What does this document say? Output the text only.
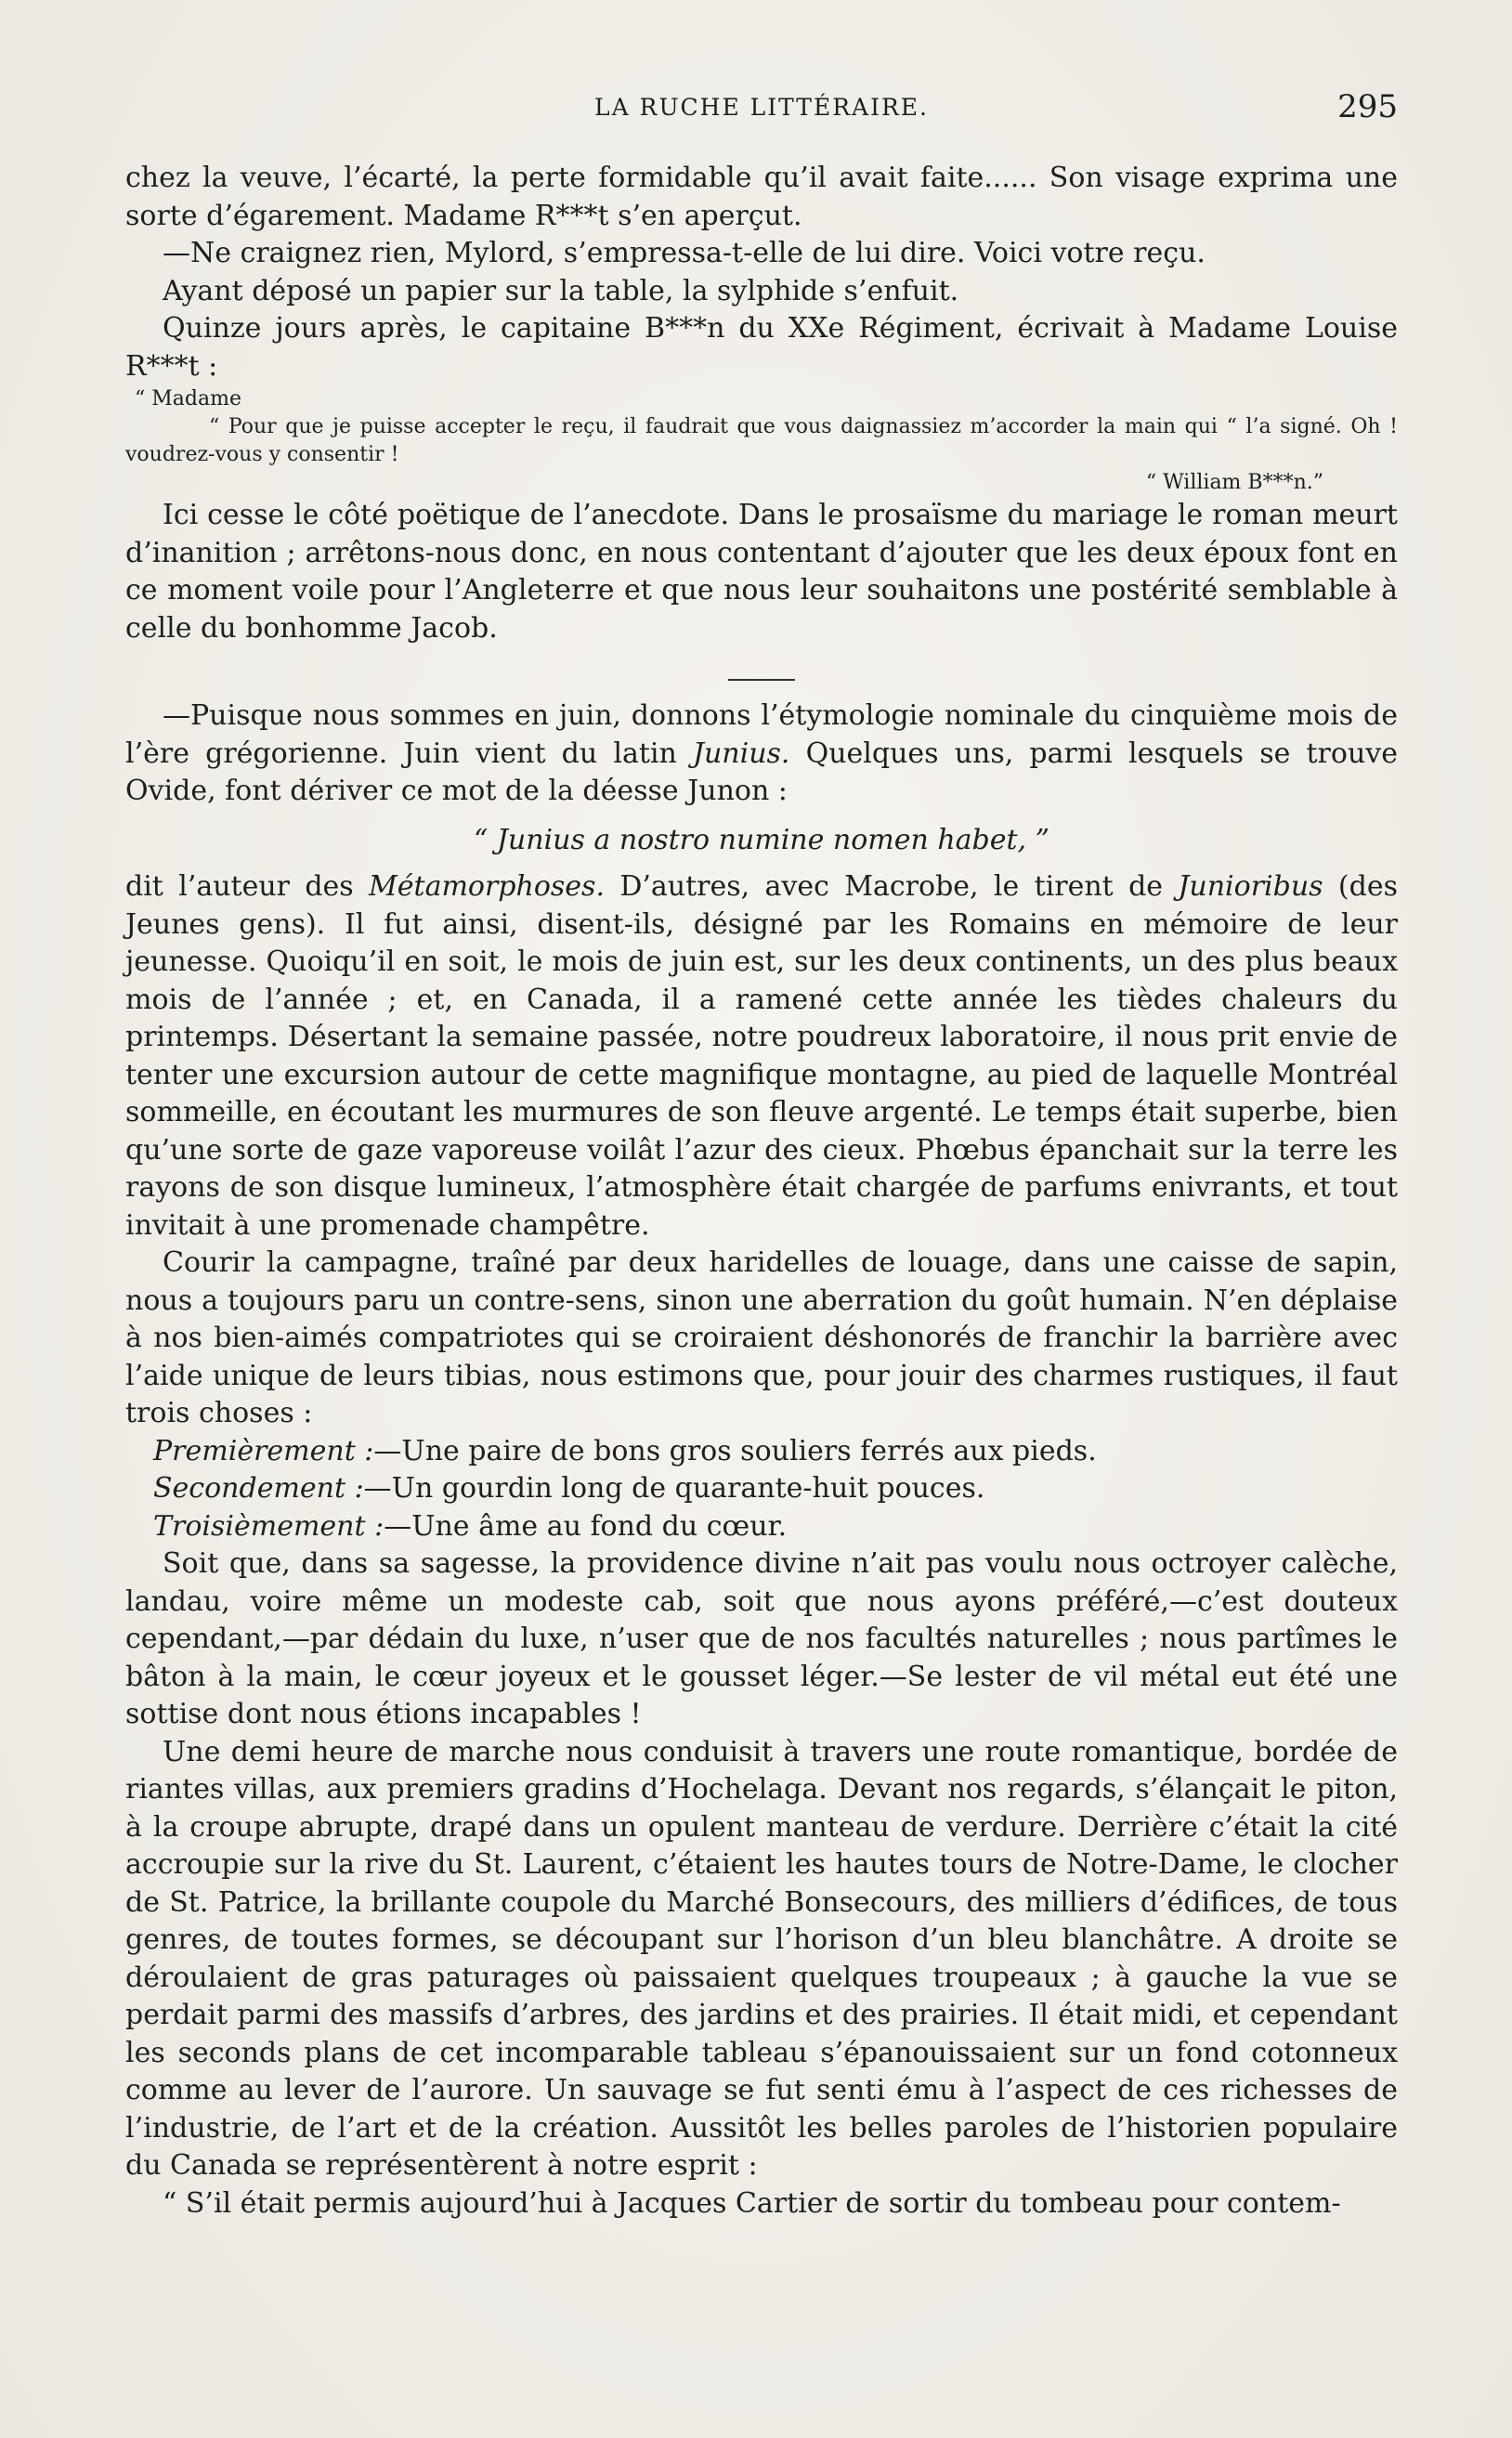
LA RUCHE LITTÉRAIRE.	295

chez la veuve, l’écarté, la perte formidable qu’il avait faite...... Son visage exprima une sorte d’égarement. Madame R***t s’en aperçut.

—Ne craignez rien, Mylord, s’empressa-t-elle de lui dire. Voici votre reçu.

Ayant déposé un papier sur la table, la sylphide s’enfuit.

Quinze jours après, le capitaine B***n du XXe Régiment, écrivait à Madame Louise R***t :

“ Madame

“ Pour que je puisse accepter le reçu, il faudrait que vous daignassiez m’accorder la main qui “ l’a signé. Oh ! voudrez-vous y consentir !

“ William B***n.”

Ici cesse le côté poëtique de l’anecdote. Dans le prosaïsme du mariage le roman meurt d’inanition ; arrêtons-nous donc, en nous contentant d’ajouter que les deux époux font en ce moment voile pour l’Angleterre et que nous leur souhaitons une postérité semblable à celle du bonhomme Jacob.

—Puisque nous sommes en juin, donnons l’étymologie nominale du cinquième mois de l’ère grégorienne. Juin vient du latin Junius. Quelques uns, parmi lesquels se trouve Ovide, font dériver ce mot de la déesse Junon :

“ Junius a nostro numine nomen habet, ”

dit l’auteur des Métamorphoses. D’autres, avec Macrobe, le tirent de Junioribus (des Jeunes gens). Il fut ainsi, disent-ils, désigné par les Romains en mémoire de leur jeunesse. Quoiqu’il en soit, le mois de juin est, sur les deux continents, un des plus beaux mois de l’année ; et, en Canada, il a ramené cette année les tièdes chaleurs du printemps. Désertant la semaine passée, notre poudreux laboratoire, il nous prit envie de tenter une excursion autour de cette magnifique montagne, au pied de laquelle Montréal sommeille, en écoutant les murmures de son fleuve argenté. Le temps était superbe, bien qu’une sorte de gaze vaporeuse voilât l’azur des cieux. Phœbus épanchait sur la terre les rayons de son disque lumineux, l’atmosphère était chargée de parfums enivrants, et tout invitait à une promenade champêtre.

Courir la campagne, traîné par deux haridelles de louage, dans une caisse de sapin, nous a toujours paru un contre-sens, sinon une aberration du goût humain. N’en déplaise à nos bien-aimés compatriotes qui se croiraient déshonorés de franchir la barrière avec l’aide unique de leurs tibias, nous estimons que, pour jouir des charmes rustiques, il faut trois choses :

Premièrement :—Une paire de bons gros souliers ferrés aux pieds.

Secondement :—Un gourdin long de quarante-huit pouces.

Troisièmement :—Une âme au fond du cœur.

Soit que, dans sa sagesse, la providence divine n’ait pas voulu nous octroyer calèche, landau, voire même un modeste cab, soit que nous ayons préféré,—c’est douteux cependant,—par dédain du luxe, n’user que de nos facultés naturelles ; nous partîmes le bâton à la main, le cœur joyeux et le gousset léger.—Se lester de vil métal eut été une sottise dont nous étions incapables !

Une demi heure de marche nous conduisit à travers une route romantique, bordée de riantes villas, aux premiers gradins d’Hochelaga. Devant nos regards, s’élançait le piton, à la croupe abrupte, drapé dans un opulent manteau de verdure. Derrière c’était la cité accroupie sur la rive du St. Laurent, c’étaient les hautes tours de Notre-Dame, le clocher de St. Patrice, la brillante coupole du Marché Bonsecours, des milliers d’édifices, de tous genres, de toutes formes, se découpant sur l’horison d’un bleu blanchâtre. A droite se déroulaient de gras paturages où paissaient quelques troupeaux ; à gauche la vue se perdait parmi des massifs d’arbres, des jardins et des prairies. Il était midi, et cependant les seconds plans de cet incomparable tableau s’épanouissaient sur un fond cotonneux comme au lever de l’aurore. Un sauvage se fut senti ému à l’aspect de ces richesses de l’industrie, de l’art et de la création. Aussitôt les belles paroles de l’historien populaire du Canada se représentèrent à notre esprit :

“ S’il était permis aujourd’hui à Jacques Cartier de sortir du tombeau pour contem-
